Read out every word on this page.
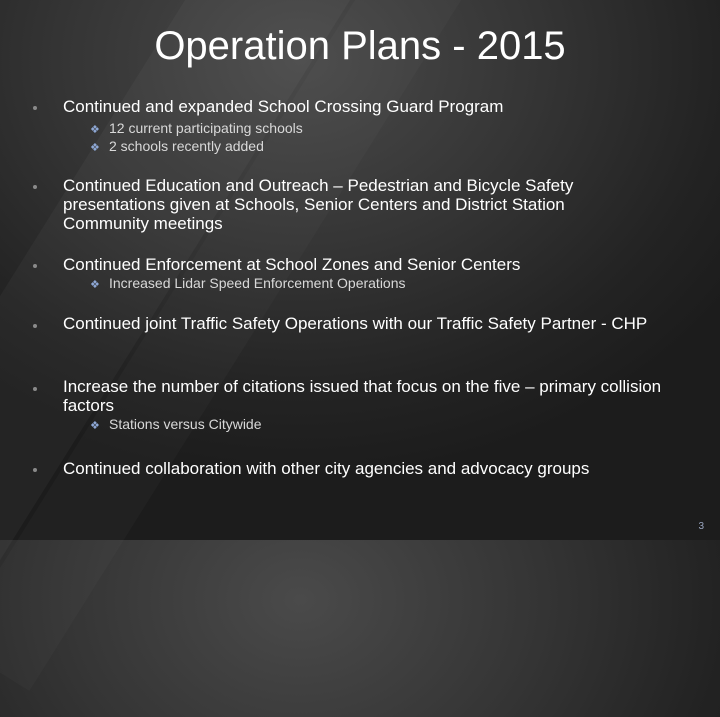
Operation Plans - 2015
Continued and expanded School Crossing Guard Program
❖ 12 current participating schools
❖ 2 schools recently added
Continued Education and Outreach – Pedestrian and Bicycle Safety presentations given at Schools, Senior Centers and District Station Community meetings
Continued Enforcement at School Zones and Senior Centers
❖ Increased Lidar Speed Enforcement Operations
Continued joint Traffic Safety Operations with our Traffic Safety Partner - CHP
Increase the number of citations issued that focus on the five – primary collision factors
❖ Stations versus Citywide
Continued collaboration with other city agencies and advocacy groups
3
